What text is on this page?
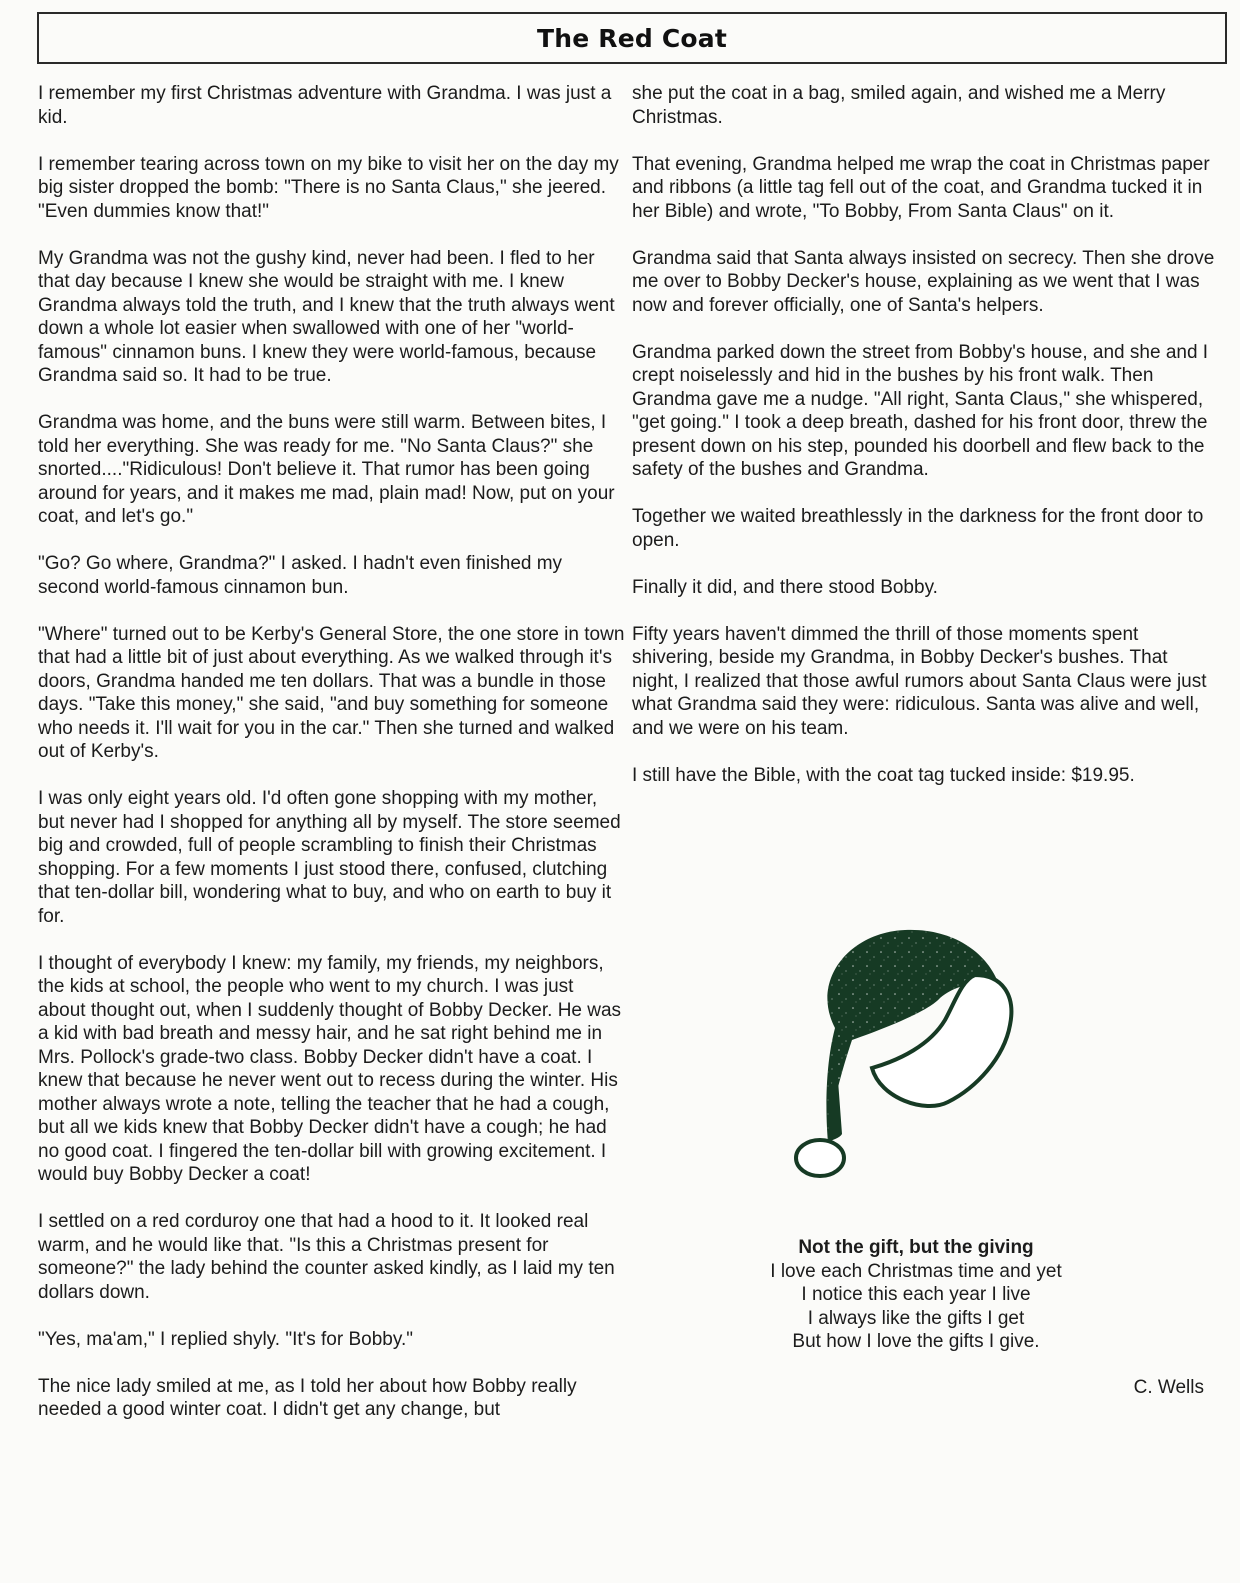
The Red Coat

I remember my first Christmas adventure with Grandma. I was just a kid.

I remember tearing across town on my bike to visit her on the day my big sister dropped the bomb: "There is no Santa Claus," she jeered. "Even dummies know that!"

My Grandma was not the gushy kind, never had been. I fled to her that day because I knew she would be straight with me. I knew Grandma always told the truth, and I knew that the truth always went down a whole lot easier when swallowed with one of her "world-famous" cinnamon buns. I knew they were world-famous, because Grandma said so. It had to be true.

Grandma was home, and the buns were still warm. Between bites, I told her everything. She was ready for me. "No Santa Claus?" she snorted...."Ridiculous! Don't believe it. That rumor has been going around for years, and it makes me mad, plain mad! Now, put on your coat, and let's go."

"Go? Go where, Grandma?" I asked. I hadn't even finished my second world-famous cinnamon bun.

"Where" turned out to be Kerby's General Store, the one store in town that had a little bit of just about everything. As we walked through it's doors, Grandma handed me ten dollars. That was a bundle in those days. "Take this money," she said, "and buy something for someone who needs it. I'll wait for you in the car." Then she turned and walked out of Kerby's.

I was only eight years old. I'd often gone shopping with my mother, but never had I shopped for anything all by myself. The store seemed big and crowded, full of people scrambling to finish their Christmas shopping. For a few moments I just stood there, confused, clutching that ten-dollar bill, wondering what to buy, and who on earth to buy it for.

I thought of everybody I knew: my family, my friends, my neighbors, the kids at school, the people who went to my church. I was just about thought out, when I suddenly thought of Bobby Decker. He was a kid with bad breath and messy hair, and he sat right behind me in Mrs. Pollock's grade-two class. Bobby Decker didn't have a coat. I knew that because he never went out to recess during the winter. His mother always wrote a note, telling the teacher that he had a cough, but all we kids knew that Bobby Decker didn't have a cough; he had no good coat. I fingered the ten-dollar bill with growing excitement. I would buy Bobby Decker a coat!

I settled on a red corduroy one that had a hood to it. It looked real warm, and he would like that. "Is this a Christmas present for someone?" the lady behind the counter asked kindly, as I laid my ten dollars down.

"Yes, ma'am," I replied shyly. "It's for Bobby."

The nice lady smiled at me, as I told her about how Bobby really needed a good winter coat. I didn't get any change, but

she put the coat in a bag, smiled again, and wished me a Merry Christmas.

That evening, Grandma helped me wrap the coat in Christmas paper and ribbons (a little tag fell out of the coat, and Grandma tucked it in her Bible) and wrote, "To Bobby, From Santa Claus" on it.

Grandma said that Santa always insisted on secrecy. Then she drove me over to Bobby Decker's house, explaining as we went that I was now and forever officially, one of Santa's helpers.

Grandma parked down the street from Bobby's house, and she and I crept noiselessly and hid in the bushes by his front walk. Then Grandma gave me a nudge. "All right, Santa Claus," she whispered, "get going." I took a deep breath, dashed for his front door, threw the present down on his step, pounded his doorbell and flew back to the safety of the bushes and Grandma.

Together we waited breathlessly in the darkness for the front door to open.

Finally it did, and there stood Bobby.

Fifty years haven't dimmed the thrill of those moments spent shivering, beside my Grandma, in Bobby Decker's bushes. That night, I realized that those awful rumors about Santa Claus were just what Grandma said they were: ridiculous. Santa was alive and well, and we were on his team.

I still have the Bible, with the coat tag tucked inside: $19.95.

Not the gift, but the giving
I love each Christmas time and yet
I notice this each year I live
I always like the gifts I get
But how I love the gifts I give.
C. Wells
